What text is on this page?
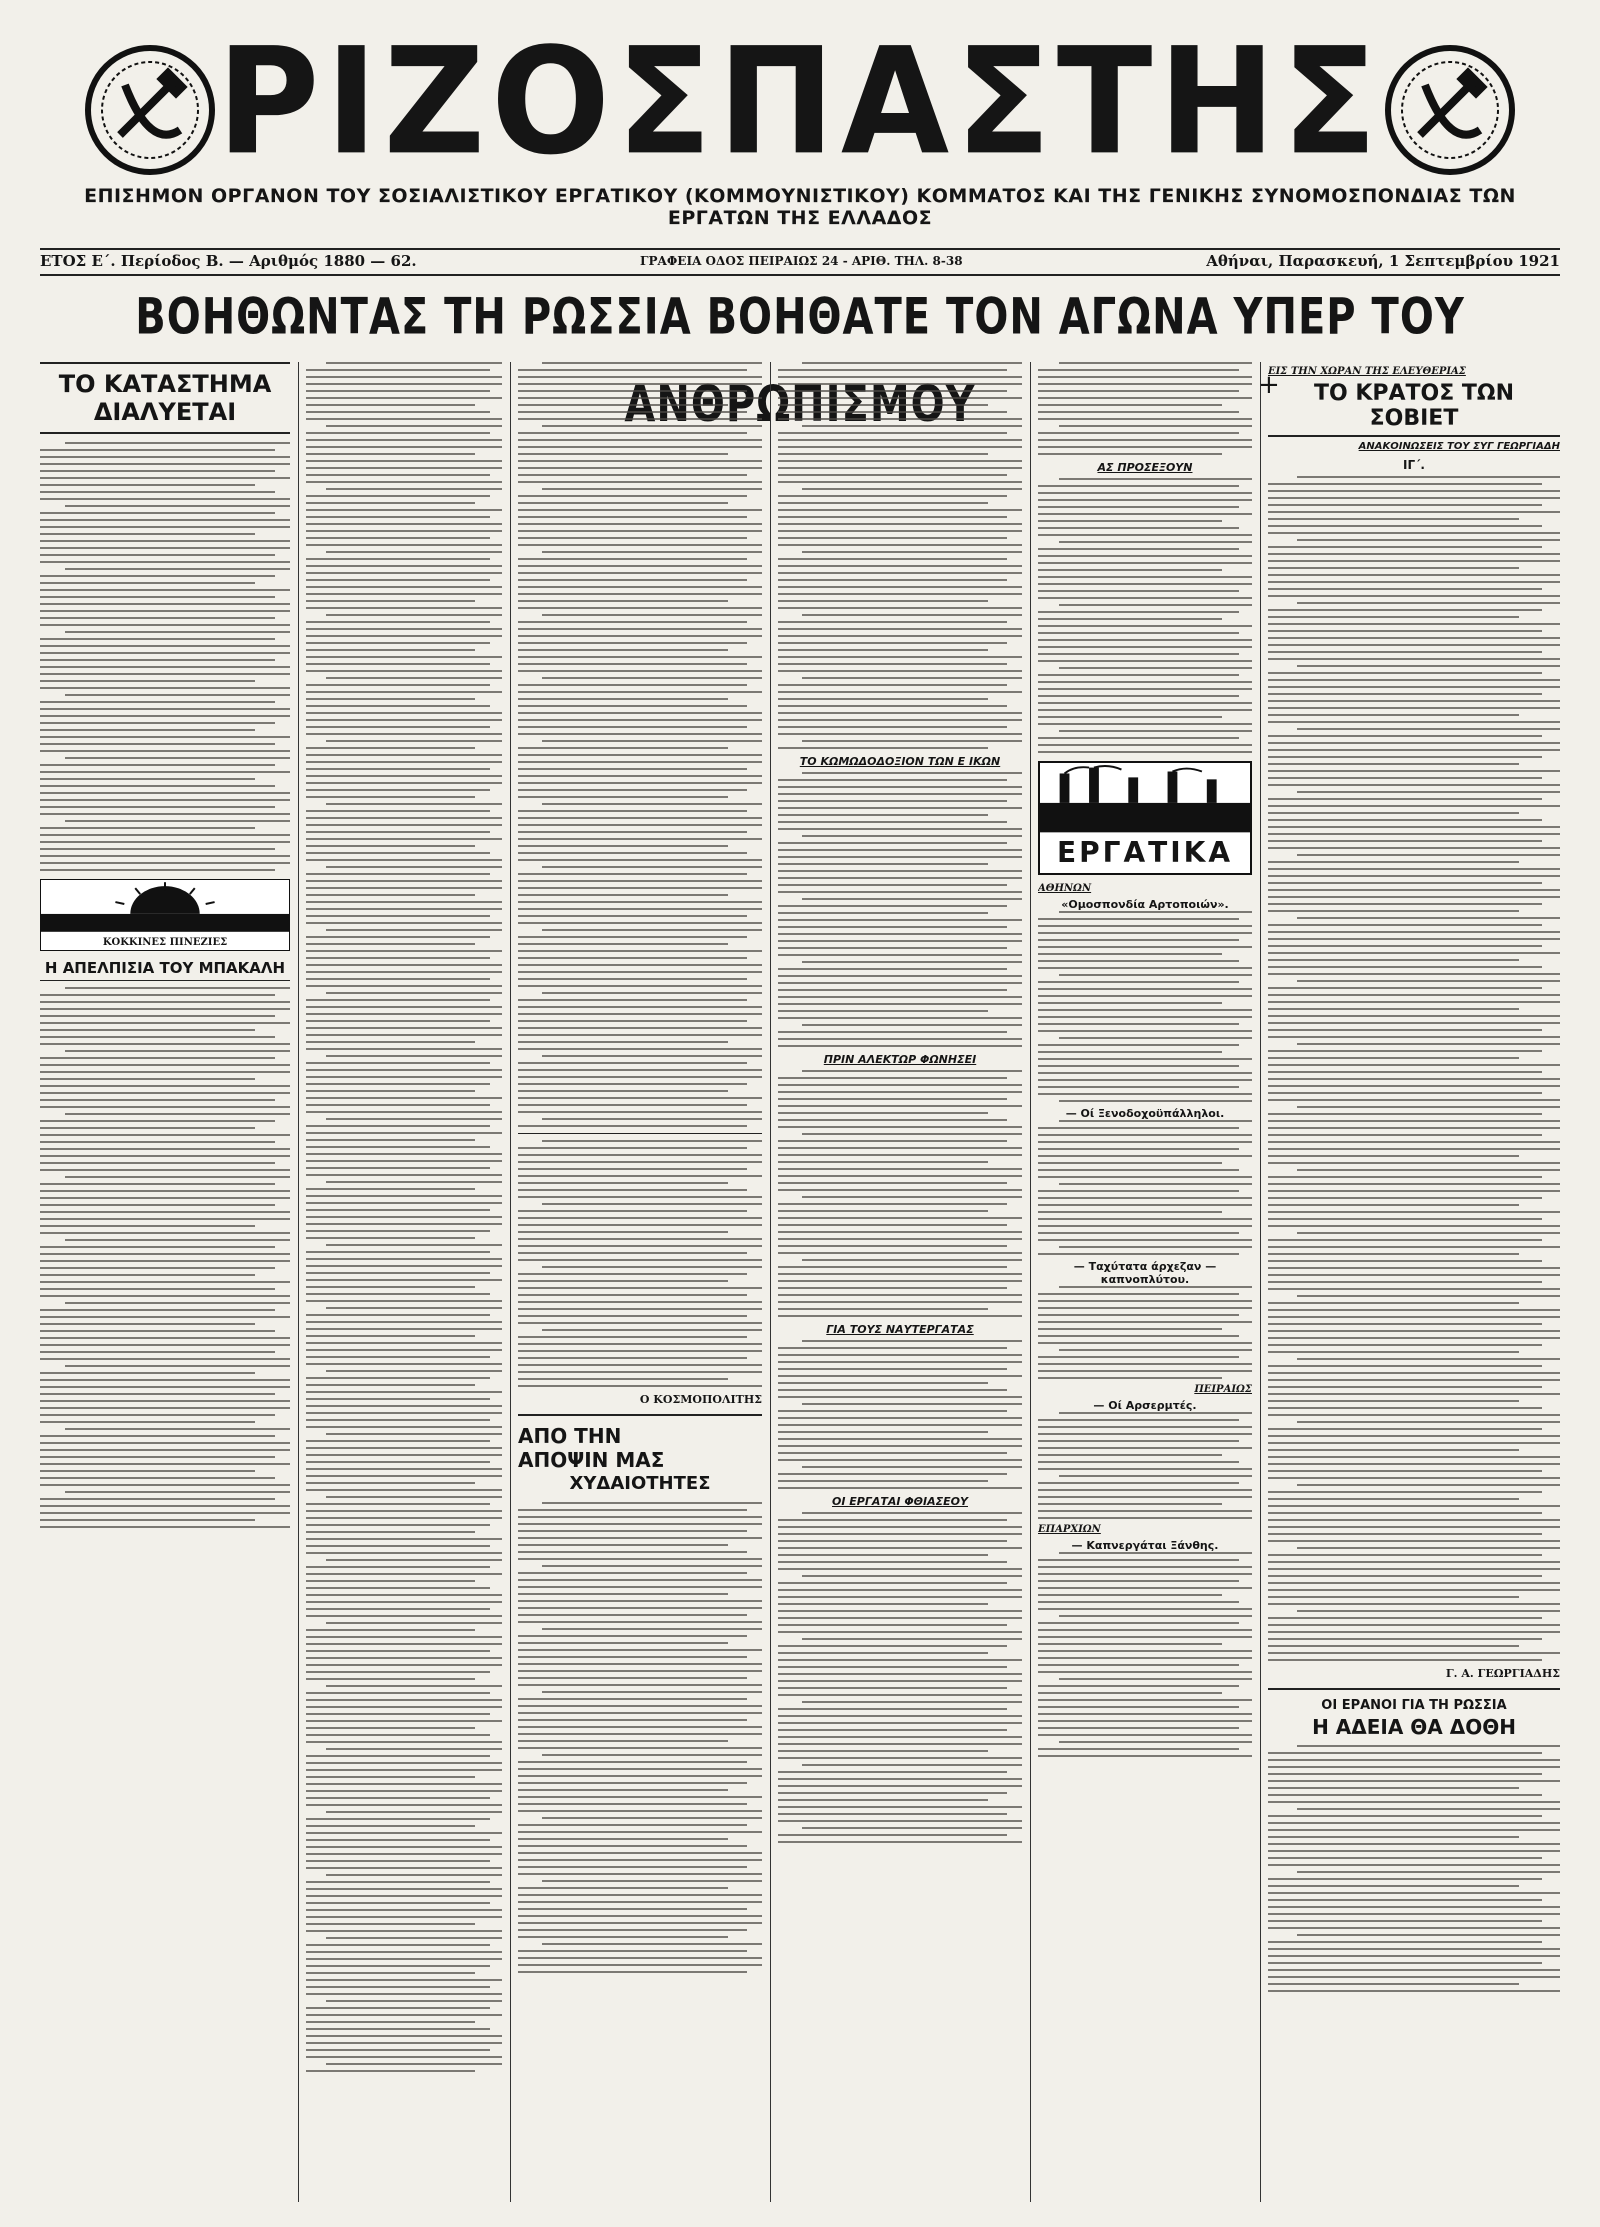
ΡΙΖΟΣΠΑΣΤΗΣ
ΕΠΙΣΗΜΟΝ ΟΡΓΑΝΟΝ ΤΟΥ ΣΟΣΙΑΛΙΣΤΙΚΟΥ ΕΡΓΑΤΙΚΟΥ (ΚΟΜΜΟΥΝΙΣΤΙΚΟΥ) ΚΟΜΜΑΤΟΣ ΚΑΙ ΤΗΣ ΓΕΝΙΚΗΣ ΣΥΝΟΜΟΣΠΟΝΔΙΑΣ ΤΩΝ ΕΡΓΑΤΩΝ ΤΗΣ ΕΛΛΑΔΟΣ
ΕΤΟΣ Ε΄. Περίοδος Β. — Αριθμός 1880 — 62.	ΓΡΑΦΕΙΑ ΟΔΟΣ ΠΕΙΡΑΙΩΣ 24 - ΑΡΙΘ. ΤΗΛ. 8-38	Αθήναι, Παρασκευή, 1 Σεπτεμβρίου 1921
ΒΟΗΘΩΝΤΑΣ ΤΗ ΡΩΣΣΙΑ ΒΟΗΘΑΤΕ ΤΟΝ ΑΓΩΝΑ ΥΠΕΡ ΤΟΥ
ΤΟ ΚΑΤΑΣΤΗΜΑ ΔΙΑΛΥΕΤΑΙ
ΚΟΚΚΙΝΕΣ ΠΙΝΕΖΙΕΣ
Η ΑΠΕΛΠΙΣΙΑ ΤΟΥ ΜΠΑΚΑΛΗ
Ο ΚΟΣΜΟΠΟΛΙΤΗΣ
ΑΠΟ ΤΗΝ
ΑΠΟΨΙΝ ΜΑΣ
ΧΥΔΑΙΟΤΗΤΕΣ
ΤΟ ΚΩΜΩΔΟΔΟΞΙΟΝ ΤΩΝ Ε ΙΚΩΝ
ΠΡΙΝ ΑΛΕΚΤΩΡ ΦΩΝΗΣΕΙ
ΓΙΑ ΤΟΥΣ ΝΑΥΤΕΡΓΑΤΑΣ
ΟΙ ΕΡΓΑΤΑΙ ΦΘΙΑΣΕΟΥ
ΑΣ ΠΡΟΣΕΞΟΥΝ
ΕΡΓΑΤΙΚΑ
ΑΘΗΝΩΝ
«Ομοσπονδία Αρτοποιών».
— Οί Ξενοδοχοϋπάλληλοι.
— Ταχύτατα άρχεζαν — καπνοπλύτου.
ΠΕΙΡΑΙΩΣ
— Οί Αρσερμτές.
ΕΠΑΡΧΙΩΝ
— Καπνεργάται Ξάνθης.
ΕΙΣ ΤΗΝ ΧΩΡΑΝ ΤΗΣ ΕΛΕΥΘΕΡΙΑΣ
ΤΟ ΚΡΑΤΟΣ ΤΩΝ ΣΟΒΙΕΤ
ΑΝΑΚΟΙΝΩΣΕΙΣ ΤΟΥ ΣΥΓ ΓΕΩΡΓΙΑΔΗ
ΙΓ΄.
Γ. Α. ΓΕΩΡΓΙΑΔΗΣ
ΟΙ ΕΡΑΝΟΙ ΓΙΑ ΤΗ ΡΩΣΣΙΑ
Η ΑΔΕΙΑ ΘΑ ΔΟΘΗ
+
